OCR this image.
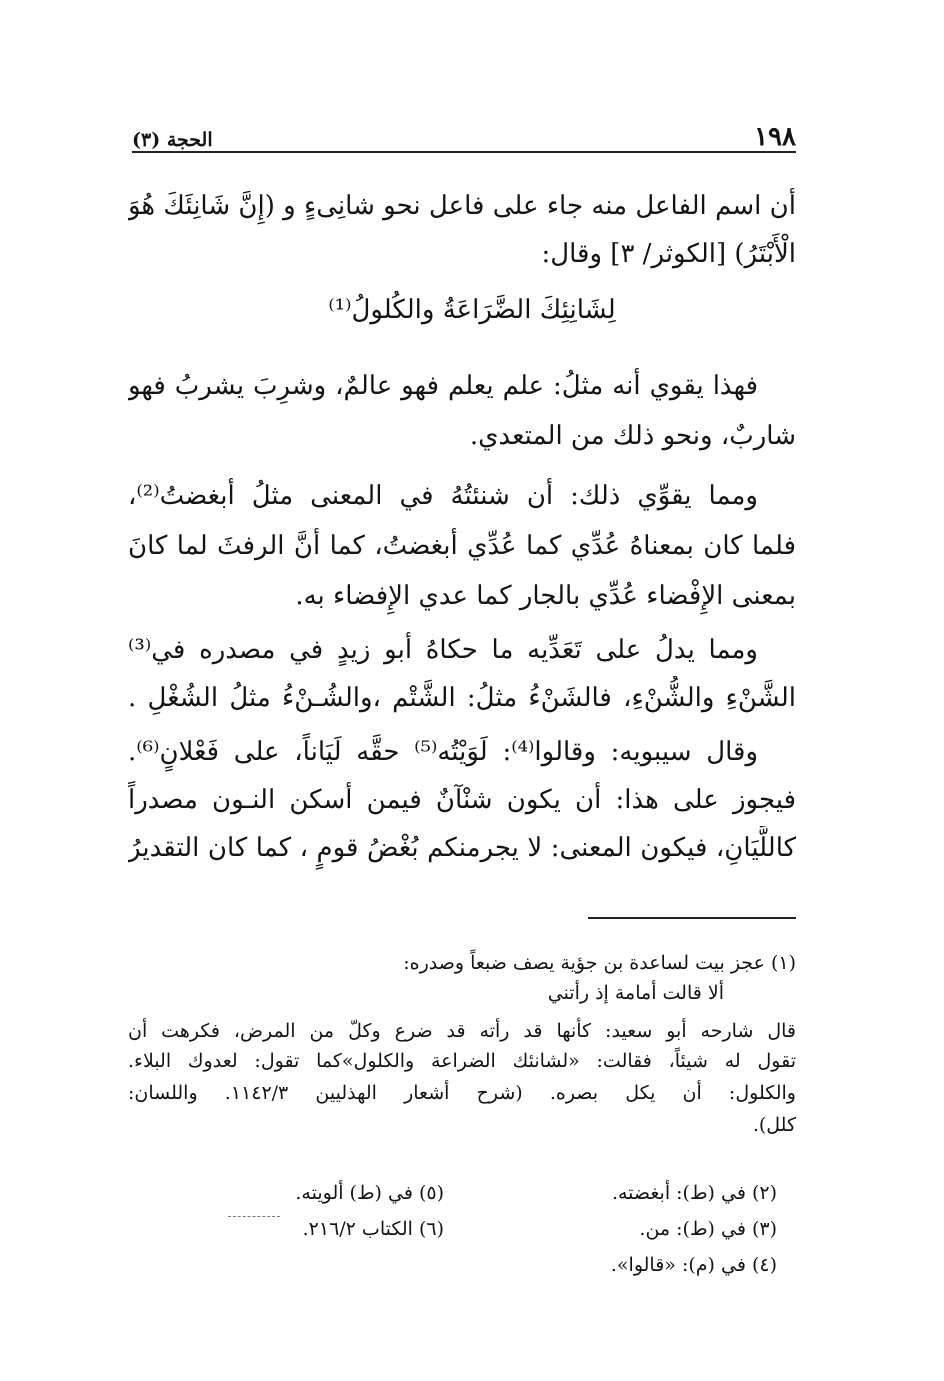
١٩٨
الحجة (٣)
أن اسم الفاعل منه جاء على فاعل نحو شانِىءٍ و (إِنَّ شَانِئَكَ هُوَ
الْأَبْتَرُ) [الكوثر/ ٣] وقال:
لِشَانِئِكَ الضَّرَاعَةُ والكُلولُ⁽¹⁾
فهذا يقوي أنه مثلُ: علم يعلم فهو عالمٌ، وشرِبَ يشربُ فهو
شاربٌ، ونحو ذلك من المتعدي.
ومما يقوِّي ذلك: أن شنئتُهُ في المعنى مثلُ أبغضتُ⁽²⁾،
فلما كان بمعناهُ عُدِّي كما عُدِّي أبغضتُ، كما أنَّ الرفثَ لما كانَ
بمعنى الإِفْضاء عُدِّي بالجار كما عدي الإِفضاء به.
ومما يدلُ على تَعَدِّيه ما حكاهُ أبو زيدٍ في مصدره في⁽³⁾
الشَّنْءِ والشُّنْءِ، فالشَنْءُ مثلُ: الشَّتْم ،والشُـنْءُ مثلُ الشُغْلِ .
وقال سيبويه: وقالوا⁽⁴⁾: لَوَيْتُه⁽⁵⁾ حقَّه لَيَاناً، على فَعْلانٍ⁽⁶⁾.
فيجوز على هذا: أن يكون شنْآنٌ فيمن أسكن النـون مصدراً
كاللَّيَانِ، فيكون المعنى: لا يجرمنكم بُغْضُ قومٍ ، كما كان التقديرُ
(١) عجز بيت لساعدة بن جؤية يصف ضبعاً وصدره:
ألا قالت أمامة إذ رأتني
قال شارحه أبو سعيد: كأنها قد رأته قد ضرع وكلّ من المرض، فكرهت أن
تقول له شيئاً، فقالت: «لشانئك الضراعة والكلول»كما تقول: لعدوك البلاء.
والكلول: أن يكل بصره. (شرح أشعار الهذليين ١١٤٢/٣. واللسان:
كلل).
(٢) في (ط): أبغضته.
(٥) في (ط) ألويته.
(٣) في (ط): من.
(٦) الكتاب ٢١٦/٢.
(٤) في (م): «قالوا».
